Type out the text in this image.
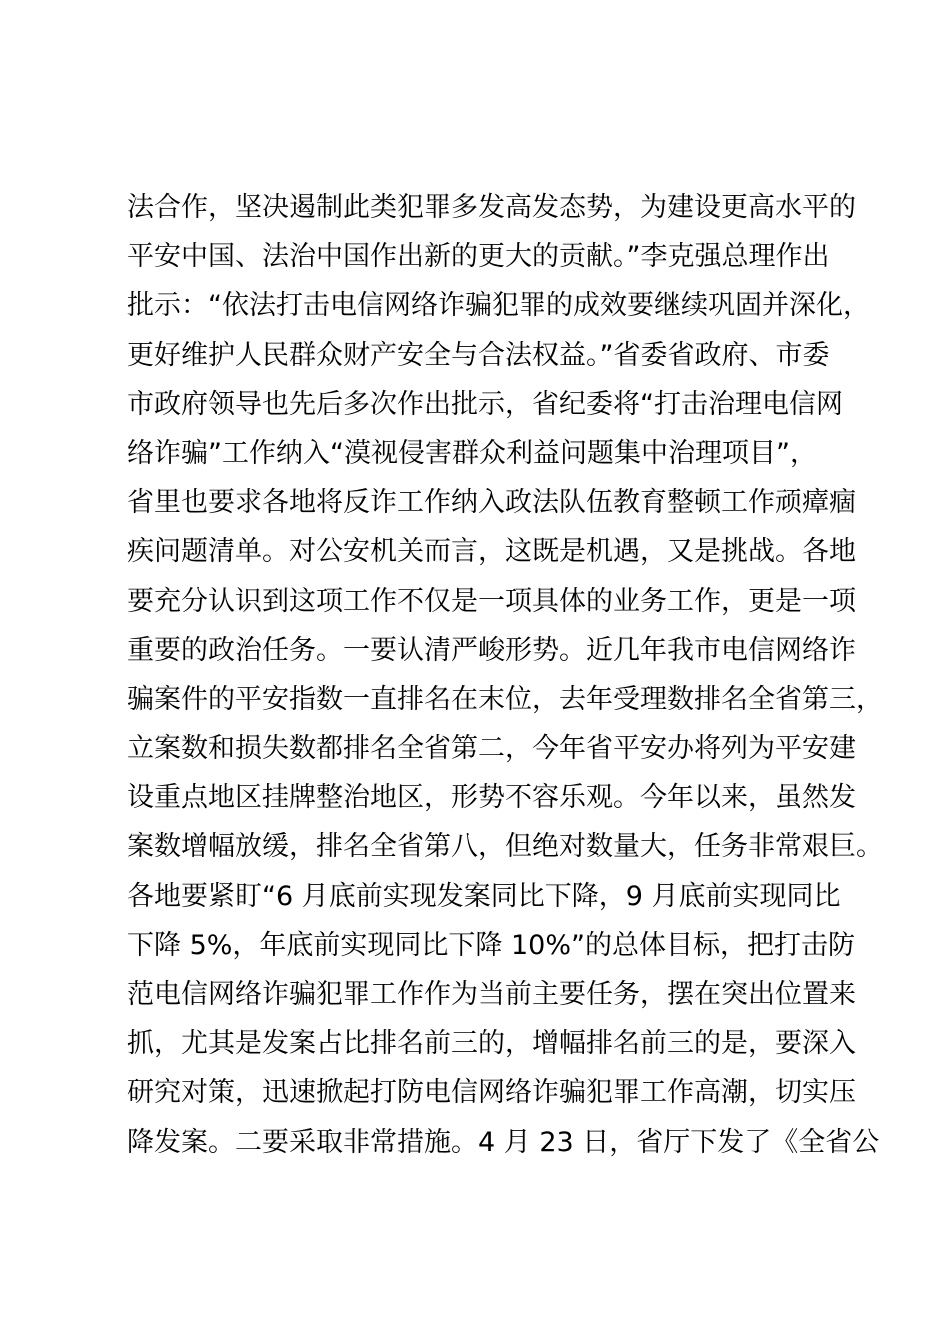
法合作，坚决遏制此类犯罪多发高发态势，为建设更高水平的
平安中国、法治中国作出新的更大的贡献。”李克强总理作出
批示：“依法打击电信网络诈骗犯罪的成效要继续巩固并深化，
更好维护人民群众财产安全与合法权益。”省委省政府、市委
市政府领导也先后多次作出批示，省纪委将“打击治理电信网
络诈骗”工作纳入“漠视侵害群众利益问题集中治理项目”，
省里也要求各地将反诈工作纳入政法队伍教育整顿工作顽瘴痼
疾问题清单。对公安机关而言，这既是机遇，又是挑战。各地
要充分认识到这项工作不仅是一项具体的业务工作，更是一项
重要的政治任务。一要认清严峻形势。近几年我市电信网络诈
骗案件的平安指数一直排名在末位，去年受理数排名全省第三，
立案数和损失数都排名全省第二，今年省平安办将列为平安建
设重点地区挂牌整治地区，形势不容乐观。今年以来，虽然发
案数增幅放缓，排名全省第八，但绝对数量大，任务非常艰巨。
各地要紧盯“6 月底前实现发案同比下降，9 月底前实现同比
下降 5%，年底前实现同比下降 10%”的总体目标，把打击防
范电信网络诈骗犯罪工作作为当前主要任务，摆在突出位置来
抓，尤其是发案占比排名前三的，增幅排名前三的是，要深入
研究对策，迅速掀起打防电信网络诈骗犯罪工作高潮，切实压
降发案。二要采取非常措施。4 月 23 日，省厅下发了《全省公
